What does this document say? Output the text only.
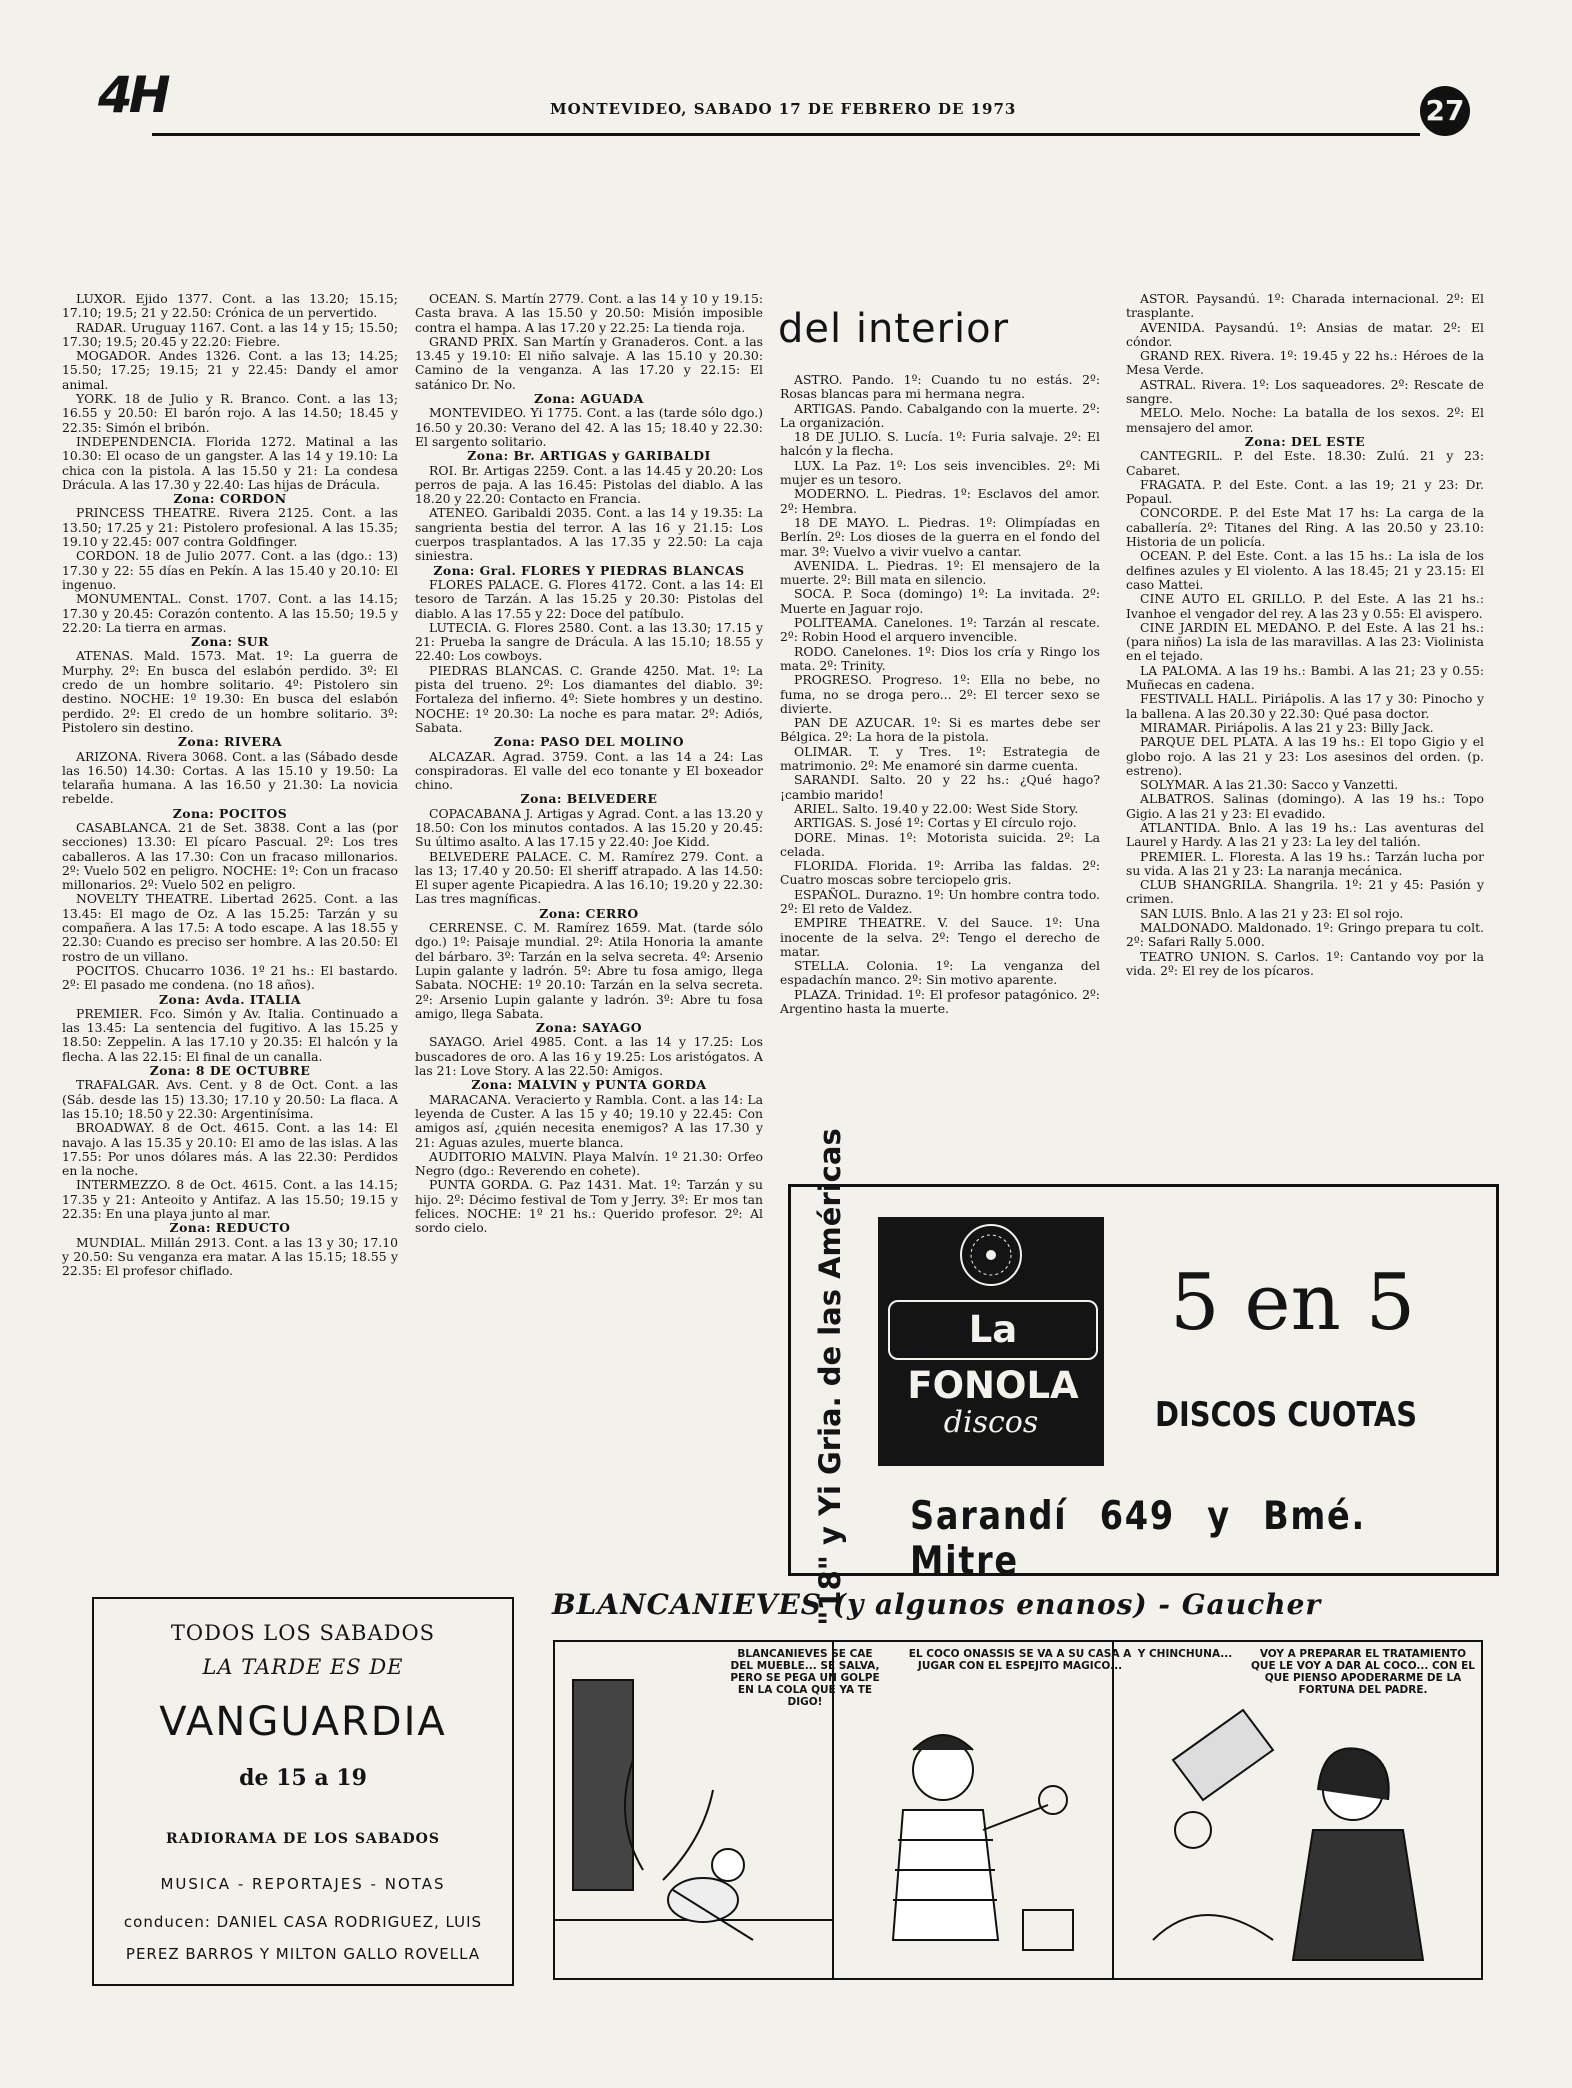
4H	MONTEVIDEO, SABADO 17 DE FEBRERO DE 1973	27

LUXOR. Ejido 1377. Cont. a las 13.20; 15.15; 17.10; 19.5; 21 y 22.50: Crónica de un pervertido.

RADAR. Uruguay 1167. Cont. a las 14 y 15; 15.50; 17.30; 19.5; 20.45 y 22.20: Fiebre.

MOGADOR. Andes 1326. Cont. a las 13; 14.25; 15.50; 17.25; 19.15; 21 y 22.45: Dandy el amor animal.

YORK. 18 de Julio y R. Branco. Cont. a las 13; 16.55 y 20.50: El barón rojo. A las 14.50; 18.45 y 22.35: Simón el bribón.

INDEPENDENCIA. Florida 1272. Matinal a las 10.30: El ocaso de un gangster. A las 14 y 19.10: La chica con la pistola. A las 15.50 y 21: La condesa Drácula. A las 17.30 y 22.40: Las hijas de Drácula.

Zona: CORDON

PRINCESS THEATRE. Rivera 2125. Cont. a las 13.50; 17.25 y 21: Pistolero profesional. A las 15.35; 19.10 y 22.45: 007 contra Goldfinger.

CORDON. 18 de Julio 2077. Cont. a las (dgo.: 13) 17.30 y 22: 55 días en Pekín. A las 15.40 y 20.10: El ingenuo.

MONUMENTAL. Const. 1707. Cont. a las 14.15; 17.30 y 20.45: Corazón contento. A las 15.50; 19.5 y 22.20: La tierra en armas.

Zona: SUR

ATENAS. Mald. 1573. Mat. 1º: La guerra de Murphy. 2º: En busca del eslabón perdido. 3º: El credo de un hombre solitario. 4º: Pistolero sin destino. NOCHE: 1º 19.30: En busca del eslabón perdido. 2º: El credo de un hombre solitario. 3º: Pistolero sin destino.

Zona: RIVERA

ARIZONA. Rivera 3068. Cont. a las (Sábado desde las 16.50) 14.30: Cortas. A las 15.10 y 19.50: La telaraña humana. A las 16.50 y 21.30: La novicia rebelde.

Zona: POCITOS

CASABLANCA. 21 de Set. 3838. Cont a las (por secciones) 13.30: El pícaro Pascual. 2º: Los tres caballeros. A las 17.30: Con un fracaso millonarios. 2º: Vuelo 502 en peligro. NOCHE: 1º: Con un fracaso millonarios. 2º: Vuelo 502 en peligro.

NOVELTY THEATRE. Libertad 2625. Cont. a las 13.45: El mago de Oz. A las 15.25: Tarzán y su compañera. A las 17.5: A todo escape. A las 18.55 y 22.30: Cuando es preciso ser hombre. A las 20.50: El rostro de un villano.

POCITOS. Chucarro 1036. 1º 21 hs.: El bastardo. 2º: El pasado me condena. (no 18 años).

Zona: Avda. ITALIA

PREMIER. Fco. Simón y Av. Italia. Continuado a las 13.45: La sentencia del fugitivo. A las 15.25 y 18.50: Zeppelin. A las 17.10 y 20.35: El halcón y la flecha. A las 22.15: El final de un canalla.

Zona: 8 DE OCTUBRE

TRAFALGAR. Avs. Cent. y 8 de Oct. Cont. a las (Sáb. desde las 15) 13.30; 17.10 y 20.50: La flaca. A las 15.10; 18.50 y 22.30: Argentinísima.

BROADWAY. 8 de Oct. 4615. Cont. a las 14: El navajo. A las 15.35 y 20.10: El amo de las islas. A las 17.55: Por unos dólares más. A las 22.30: Perdidos en la noche.

INTERMEZZO. 8 de Oct. 4615. Cont. a las 14.15; 17.35 y 21: Anteoito y Antifaz. A las 15.50; 19.15 y 22.35: En una playa junto al mar.

Zona: REDUCTO

MUNDIAL. Millán 2913. Cont. a las 13 y 30; 17.10 y 20.50: Su venganza era matar. A las 15.15; 18.55 y 22.35: El profesor chiflado.

OCEAN. S. Martín 2779. Cont. a las 14 y 10 y 19.15: Casta brava. A las 15.50 y 20.50: Misión imposible contra el hampa. A las 17.20 y 22.25: La tienda roja.

GRAND PRIX. San Martín y Granaderos. Cont. a las 13.45 y 19.10: El niño salvaje. A las 15.10 y 20.30: Camino de la venganza. A las 17.20 y 22.15: El satánico Dr. No.

Zona: AGUADA

MONTEVIDEO. Yi 1775. Cont. a las (tarde sólo dgo.) 16.50 y 20.30: Verano del 42. A las 15; 18.40 y 22.30: El sargento solitario.

Zona: Br. ARTIGAS y GARIBALDI

ROI. Br. Artigas 2259. Cont. a las 14.45 y 20.20: Los perros de paja. A las 16.45: Pistolas del diablo. A las 18.20 y 22.20: Contacto en Francia.

ATENEO. Garibaldi 2035. Cont. a las 14 y 19.35: La sangrienta bestia del terror. A las 16 y 21.15: Los cuerpos trasplantados. A las 17.35 y 22.50: La caja siniestra.

Zona: Gral. FLORES Y PIEDRAS BLANCAS

FLORES PALACE. G. Flores 4172. Cont. a las 14: El tesoro de Tarzán. A las 15.25 y 20.30: Pistolas del diablo. A las 17.55 y 22: Doce del patíbulo.

LUTECIA. G. Flores 2580. Cont. a las 13.30; 17.15 y 21: Prueba la sangre de Drácula. A las 15.10; 18.55 y 22.40: Los cowboys.

PIEDRAS BLANCAS. C. Grande 4250. Mat. 1º: La pista del trueno. 2º: Los diamantes del diablo. 3º: Fortaleza del infierno. 4º: Siete hombres y un destino. NOCHE: 1º 20.30: La noche es para matar. 2º: Adiós, Sabata.

Zona: PASO DEL MOLINO

ALCAZAR. Agrad. 3759. Cont. a las 14 a 24: Las conspiradoras. El valle del eco tonante y El boxeador chino.

Zona: BELVEDERE

COPACABANA J. Artigas y Agrad. Cont. a las 13.20 y 18.50: Con los minutos contados. A las 15.20 y 20.45: Su último asalto. A las 17.15 y 22.40: Joe Kidd.

BELVEDERE PALACE. C. M. Ramírez 279. Cont. a las 13; 17.40 y 20.50: El sheriff atrapado. A las 14.50: El super agente Picapiedra. A las 16.10; 19.20 y 22.30: Las tres magníficas.

Zona: CERRO

CERRENSE. C. M. Ramírez 1659. Mat. (tarde sólo dgo.) 1º: Paisaje mundial. 2º: Atila Honoria la amante del bárbaro. 3º: Tarzán en la selva secreta. 4º: Arsenio Lupin galante y ladrón. 5º: Abre tu fosa amigo, llega Sabata. NOCHE: 1º 20.10: Tarzán en la selva secreta. 2º: Arsenio Lupin galante y ladrón. 3º: Abre tu fosa amigo, llega Sabata.

Zona: SAYAGO

SAYAGO. Ariel 4985. Cont. a las 14 y 17.25: Los buscadores de oro. A las 16 y 19.25: Los aristógatos. A las 21: Love Story. A las 22.50: Amigos.

Zona: MALVIN y PUNTA GORDA

MARACANA. Veracierto y Rambla. Cont. a las 14: La leyenda de Custer. A las 15 y 40; 19.10 y 22.45: Con amigos así, ¿quién necesita enemigos? A las 17.30 y 21: Aguas azules, muerte blanca.

AUDITORIO MALVIN. Playa Malvín. 1º 21.30: Orfeo Negro (dgo.: Reverendo en cohete).

PUNTA GORDA. G. Paz 1431. Mat. 1º: Tarzán y su hijo. 2º: Décimo festival de Tom y Jerry. 3º: Er mos tan felices. NOCHE: 1º 21 hs.: Querido profesor. 2º: Al sordo cielo.

del interior

ASTRO. Pando. 1º: Cuando tu no estás. 2º: Rosas blancas para mi hermana negra.

ARTIGAS. Pando. Cabalgando con la muerte. 2º: La organización.

18 DE JULIO. S. Lucía. 1º: Furia salvaje. 2º: El halcón y la flecha.

LUX. La Paz. 1º: Los seis invencibles. 2º: Mi mujer es un tesoro.

MODERNO. L. Piedras. 1º: Esclavos del amor. 2º: Hembra.

18 DE MAYO. L. Piedras. 1º: Olimpíadas en Berlín. 2º: Los dioses de la guerra en el fondo del mar. 3º: Vuelvo a vivir vuelvo a cantar.

AVENIDA. L. Piedras. 1º: El mensajero de la muerte. 2º: Bill mata en silencio.

SOCA. P. Soca (domingo) 1º: La invitada. 2º: Muerte en Jaguar rojo.

POLITEAMA. Canelones. 1º: Tarzán al rescate. 2º: Robin Hood el arquero invencible.

RODO. Canelones. 1º: Dios los cría y Ringo los mata. 2º: Trinity.

PROGRESO. Progreso. 1º: Ella no bebe, no fuma, no se droga pero... 2º: El tercer sexo se divierte.

PAN DE AZUCAR. 1º: Si es martes debe ser Bélgica. 2º: La hora de la pistola.

OLIMAR. T. y Tres. 1º: Estrategia de matrimonio. 2º: Me enamoré sin darme cuenta.

SARANDI. Salto. 20 y 22 hs.: ¿Qué hago? ¡cambio marido!

ARIEL. Salto. 19.40 y 22.00: West Side Story.

ARTIGAS. S. José 1º: Cortas y El círculo rojo.

DORE. Minas. 1º: Motorista suicida. 2º: La celada.

FLORIDA. Florida. 1º: Arriba las faldas. 2º: Cuatro moscas sobre terciopelo gris.

ESPAÑOL. Durazno. 1º: Un hombre contra todo. 2º: El reto de Valdez.

EMPIRE THEATRE. V. del Sauce. 1º: Una inocente de la selva. 2º: Tengo el derecho de matar.

STELLA. Colonia. 1º: La venganza del espadachín manco. 2º: Sin motivo aparente.

PLAZA. Trinidad. 1º: El profesor patagónico. 2º: Argentino hasta la muerte.

ASTOR. Paysandú. 1º: Charada internacional. 2º: El trasplante.

AVENIDA. Paysandú. 1º: Ansias de matar. 2º: El cóndor.

GRAND REX. Rivera. 1º: 19.45 y 22 hs.: Héroes de la Mesa Verde.

ASTRAL. Rivera. 1º: Los saqueadores. 2º: Rescate de sangre.

MELO. Melo. Noche: La batalla de los sexos. 2º: El mensajero del amor.

Zona: DEL ESTE

CANTEGRIL. P. del Este. 18.30: Zulú. 21 y 23: Cabaret.

FRAGATA. P. del Este. Cont. a las 19; 21 y 23: Dr. Popaul.

CONCORDE. P. del Este Mat 17 hs: La carga de la caballería. 2º: Titanes del Ring. A las 20.50 y 23.10: Historia de un policía.

OCEAN. P. del Este. Cont. a las 15 hs.: La isla de los delfines azules y El violento. A las 18.45; 21 y 23.15: El caso Mattei.

CINE AUTO EL GRILLO. P. del Este. A las 21 hs.: Ivanhoe el vengador del rey. A las 23 y 0.55: El avispero.

CINE JARDIN EL MEDANO. P. del Este. A las 21 hs.: (para niños) La isla de las maravillas. A las 23: Violinista en el tejado.

LA PALOMA. A las 19 hs.: Bambi. A las 21; 23 y 0.55: Muñecas en cadena.

FESTIVALL HALL. Piriápolis. A las 17 y 30: Pinocho y la ballena. A las 20.30 y 22.30: Qué pasa doctor.

MIRAMAR. Piriápolis. A las 21 y 23: Billy Jack.

PARQUE DEL PLATA. A las 19 hs.: El topo Gigio y el globo rojo. A las 21 y 23: Los asesinos del orden. (p. estreno).

SOLYMAR. A las 21.30: Sacco y Vanzetti.

ALBATROS. Salinas (domingo). A las 19 hs.: Topo Gigio. A las 21 y 23: El evadido.

ATLANTIDA. Bnlo. A las 19 hs.: Las aventuras del Laurel y Hardy. A las 21 y 23: La ley del talión.

PREMIER. L. Floresta. A las 19 hs.: Tarzán lucha por su vida. A las 21 y 23: La naranja mecánica.

CLUB SHANGRILA. Shangrila. 1º: 21 y 45: Pasión y crimen.

SAN LUIS. Bnlo. A las 21 y 23: El sol rojo.

MALDONADO. Maldonado. 1º: Gringo prepara tu colt. 2º: Safari Rally 5.000.

TEATRO UNION. S. Carlos. 1º: Cantando voy por la vida. 2º: El rey de los pícaros.

"18" y Yi Gria. de las Américas	La FONOLA
discos
5 en 5
DISCOS CUOTAS
Sarandí 649 y Bmé. Mitre
TODOS LOS SABADOS
LA TARDE ES DE
VANGUARDIA
de 15 a 19
RADIORAMA DE LOS SABADOS
MUSICA - REPORTAJES - NOTAS
conducen: DANIEL CASA RODRIGUEZ, LUIS
PEREZ BARROS Y MILTON GALLO ROVELLA
BLANCANIEVES (y algunos enanos) - Gaucher
BLANCANIEVES SE CAE DEL MUEBLE... SE SALVA, PERO SE PEGA UN GOLPE EN LA COLA QUE YA TE DIGO!
EL COCO ONASSIS SE VA A SU CASA A JUGAR CON EL ESPEJITO MAGICO...
Y CHINCHUNA...	VOY A PREPARAR EL TRATAMIENTO QUE LE VOY A DAR AL COCO... CON EL QUE PIENSO APODERARME DE LA FORTUNA DEL PADRE.
